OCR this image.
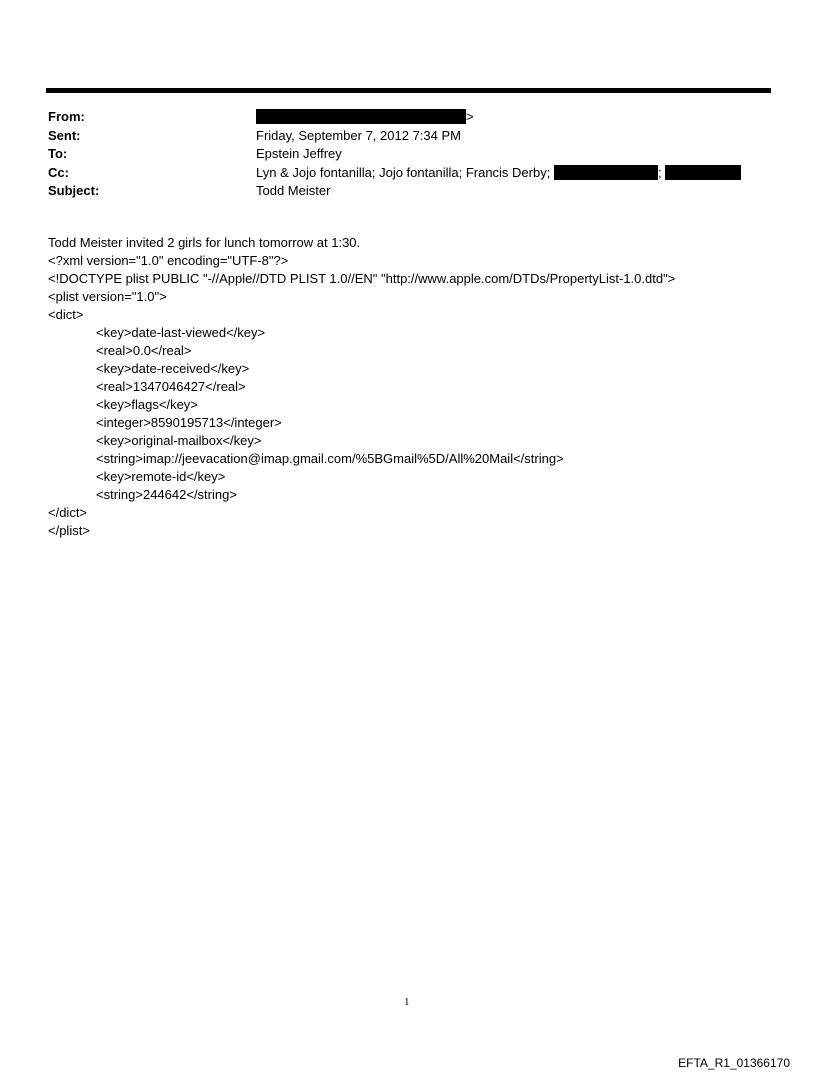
From:	>
Sent:	Friday, September 7, 2012 7:34 PM
To:	Epstein Jeffrey
Cc:	Lyn & Jojo fontanilla; Jojo fontanilla; Francis Derby;	;
Subject:	Todd Meister
Todd Meister invited 2 girls for lunch tomorrow at 1:30.
<?xml version="1.0" encoding="UTF-8"?>
<!DOCTYPE plist PUBLIC "-//Apple//DTD PLIST 1.0//EN" "http://www.apple.com/DTDs/PropertyList-1.0.dtd">
<plist version="1.0">
<dict>
<key>date-last-viewed</key>
<real>0.0</real>
<key>date-received</key>
<real>1347046427</real>
<key>flags</key>
<integer>8590195713</integer>
<key>original-mailbox</key>
<string>imap://jeevacation@imap.gmail.com/%5BGmail%5D/All%20Mail</string>
<key>remote-id</key>
<string>244642</string>
</dict>
</plist>
1
EFTA_R1_01366170
